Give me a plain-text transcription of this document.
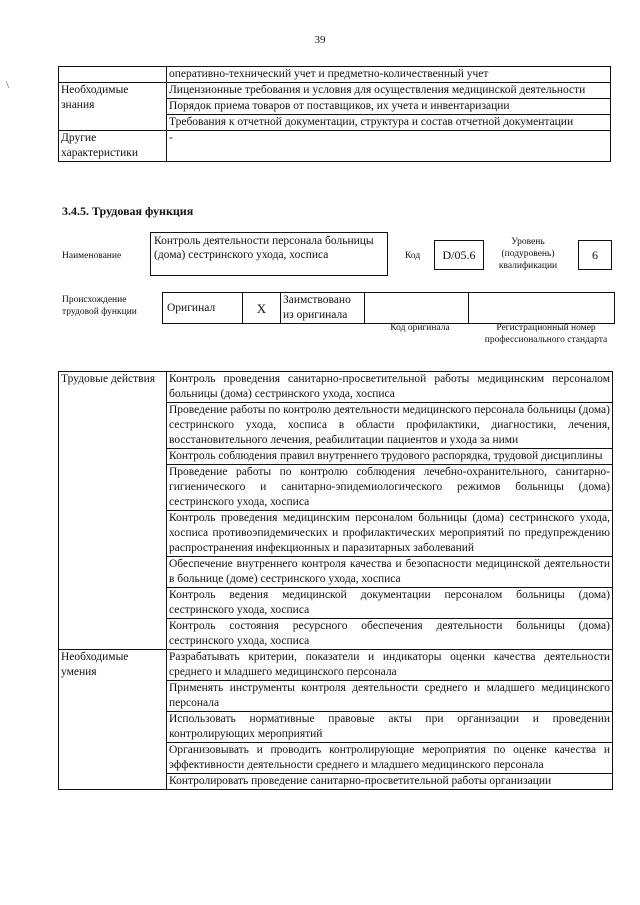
39
\
	оперативно-технический учет и предметно-количественный учет
Необходимые знания	Лицензионные требования и условия для осуществления медицинской деятельности
	Порядок приема товаров от поставщиков, их учета и инвентаризации
	Требования к отчетной документации, структура и состав отчетной документации
Другие характеристики	-
3.4.5. Трудовая функция
Наименование
Контроль деятельности персонала больницы (дома) сестринского ухода, хосписа	Код	D/05.6
Уровень (подуровень) квалификации
6
Происхождение трудовой функции	Оригинал	X	Заимствовано из оригинала		
Код оригинала	Регистрационный номер профессионального стандарта
Трудовые действия	Контроль проведения санитарно-просветительной работы медицинским персоналом больницы (дома) сестринского ухода, хосписа
	Проведение работы по контролю деятельности медицинского персонала больницы (дома) сестринского ухода, хосписа в области профилактики, диагностики, лечения, восстановительного лечения, реабилитации пациентов и ухода за ними
	Контроль соблюдения правил внутреннего трудового распорядка, трудовой дисциплины
	Проведение работы по контролю соблюдения лечебно-охранительного, санитарно-гигиенического и санитарно-эпидемиологического режимов больницы (дома) сестринского ухода, хосписа
	Контроль проведения медицинским персоналом больницы (дома) сестринского ухода, хосписа противоэпидемических и профилактических мероприятий по предупреждению распространения инфекционных и паразитарных заболеваний
	Обеспечение внутреннего контроля качества и безопасности медицинской деятельности в больнице (доме) сестринского ухода, хосписа
	Контроль ведения медицинской документации персоналом больницы (дома) сестринского ухода, хосписа
	Контроль состояния ресурсного обеспечения деятельности больницы (дома) сестринского ухода, хосписа
Необходимые умения	Разрабатывать критерии, показатели и индикаторы оценки качества деятельности среднего и младшего медицинского персонала
	Применять инструменты контроля деятельности среднего и младшего медицинского персонала
	Использовать нормативные правовые акты при организации и проведении контролирующих мероприятий
	Организовывать и проводить контролирующие мероприятия по оценке качества и эффективности деятельности среднего и младшего медицинского персонала
	Контролировать проведение санитарно-просветительной работы организации
